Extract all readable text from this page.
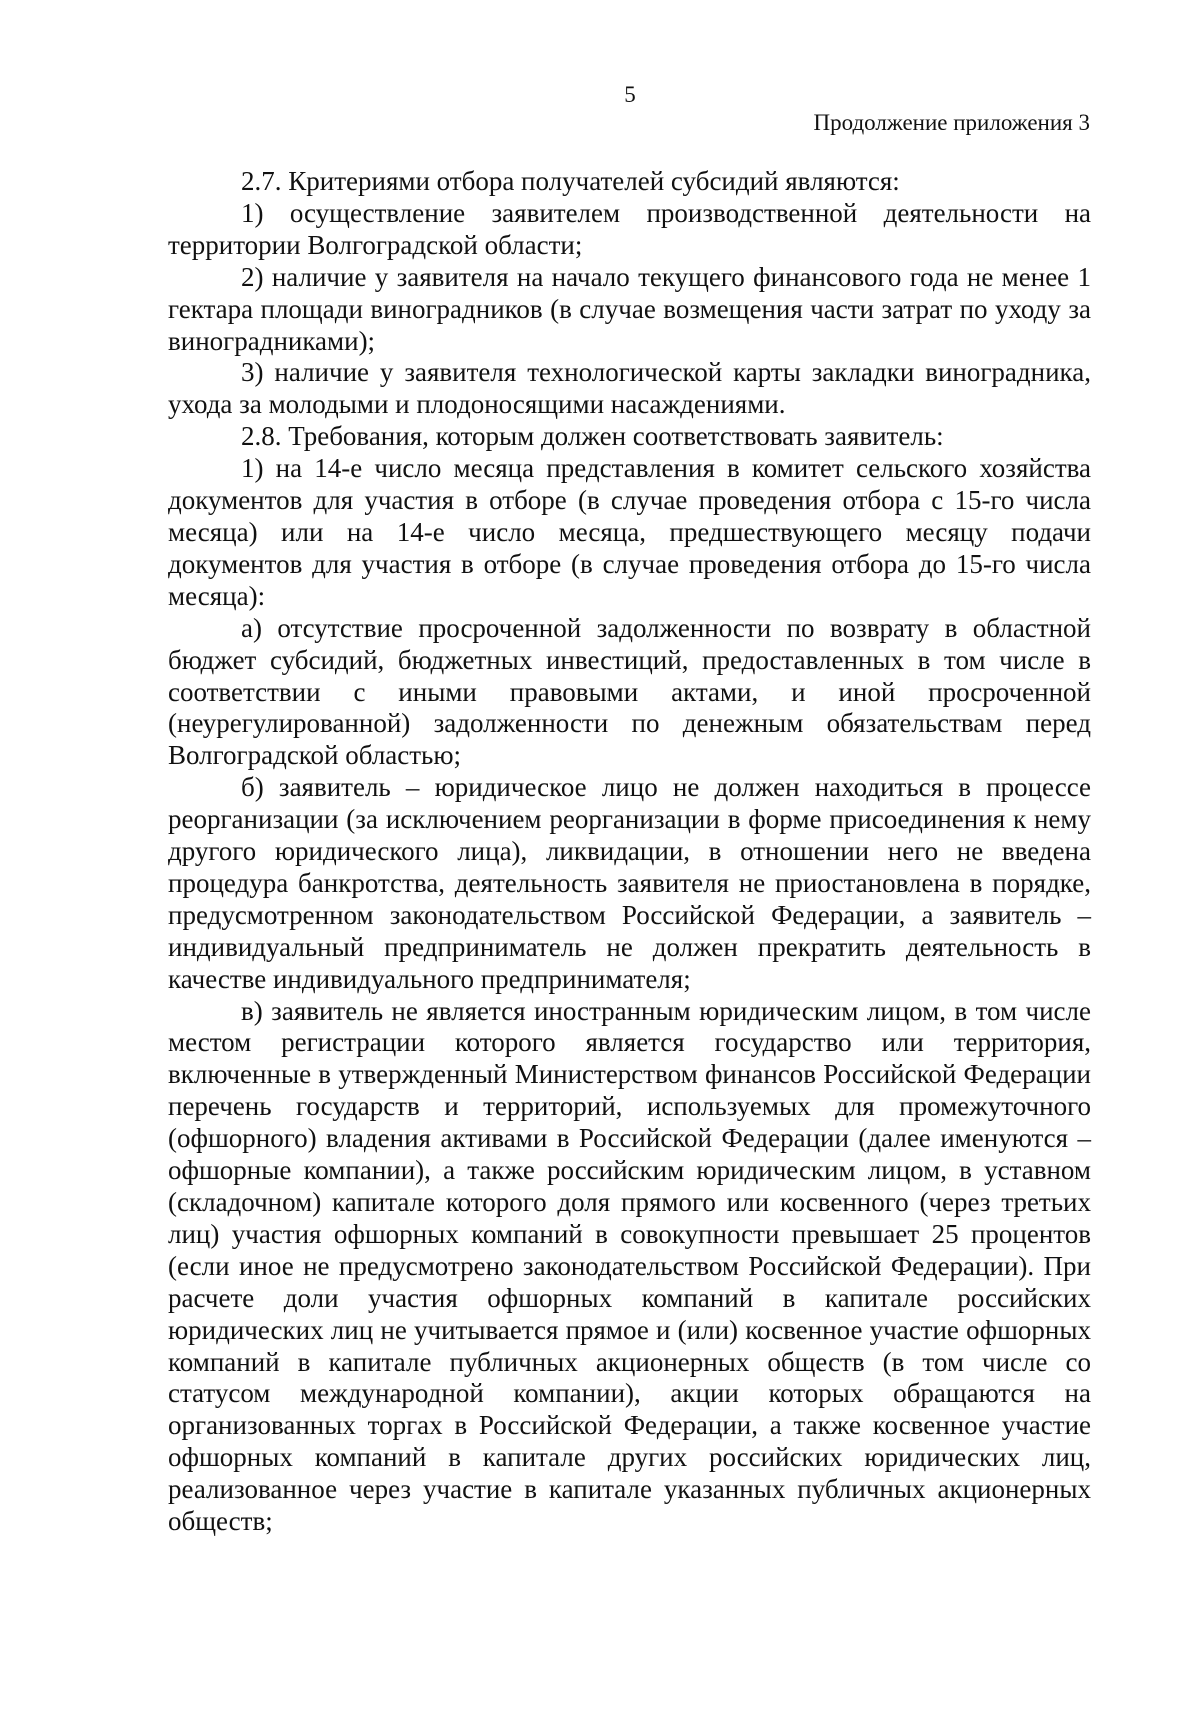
5
Продолжение приложения 3

2.7. Критериями отбора получателей субсидий являются:

1) осуществление заявителем производственной деятельности на территории Волгоградской области;

2) наличие у заявителя на начало текущего финансового года не менее 1 гектара площади виноградников (в случае возмещения части затрат по уходу за виноградниками);

3) наличие у заявителя технологической карты закладки виноградника, ухода за молодыми и плодоносящими насаждениями.

2.8. Требования, которым должен соответствовать заявитель:

1) на 14-е число месяца представления в комитет сельского хозяйства документов для участия в отборе (в случае проведения отбора с 15-го числа месяца) или на 14-е число месяца, предшествующего месяцу подачи документов для участия в отборе (в случае проведения отбора до 15-го числа месяца):

а) отсутствие просроченной задолженности по возврату в областной бюджет субсидий, бюджетных инвестиций, предоставленных в том числе в соответствии с иными правовыми актами, и иной просроченной (неурегулированной) задолженности по денежным обязательствам перед Волгоградской областью;

б) заявитель – юридическое лицо не должен находиться в процессе реорганизации (за исключением реорганизации в форме присоединения к нему другого юридического лица), ликвидации, в отношении него не введена процедура банкротства, деятельность заявителя не приостановлена в порядке, предусмотренном законодательством Российской Федерации, а заявитель – индивидуальный предприниматель не должен прекратить деятельность в качестве индивидуального предпринимателя;

в) заявитель не является иностранным юридическим лицом, в том числе местом регистрации которого является государство или территория, включенные в утвержденный Министерством финансов Российской Федерации перечень государств и территорий, используемых для промежуточного (офшорного) владения активами в Российской Федерации (далее именуются – офшорные компании), а также российским юридическим лицом, в уставном (складочном) капитале которого доля прямого или косвенного (через третьих лиц) участия офшорных компаний в совокупности превышает 25 процентов (если иное не предусмотрено законодательством Российской Федерации). При расчете доли участия офшорных компаний в капитале российских юридических лиц не учитывается прямое и (или) косвенное участие офшорных компаний в капитале публичных акционерных обществ (в том числе со статусом международной компании), акции которых обращаются на организованных торгах в Российской Федерации, а также косвенное участие офшорных компаний в капитале других российских юридических лиц, реализованное через участие в капитале указанных публичных акционерных обществ;
